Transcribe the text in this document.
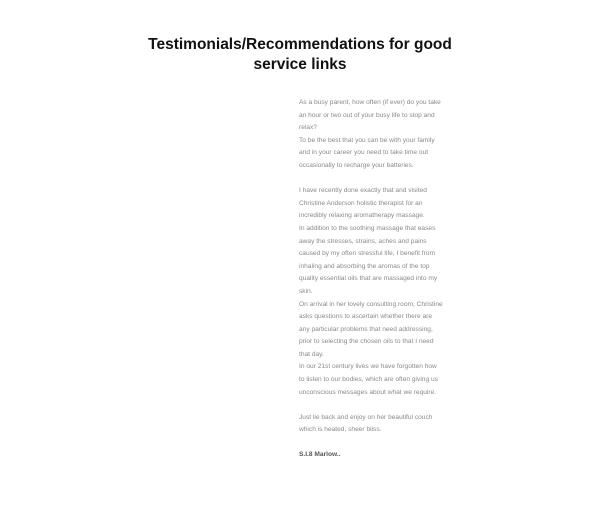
Testimonials/Recommendations for good
service links
As a busy parent, how often (if ever) do you take
an hour or two out of your busy life to stop and
relax?
To be the best that you can be with your family
and in your career you need to take time out
occasionally to recharge your batteries.
I have recently done exactly that and visited
Christine Anderson holistic therapist for an
incredibly relaxing aromatherapy massage.
In addition to the soothing massage that eases
away the stresses, strains, aches and pains
caused by my often stressful life, I benefit from
inhaling and absorbing the aromas of the top
quality essential oils that are massaged into my
skin.
On arrival in her lovely consulting room, Christine
asks questions to ascertain whether there are
any particular problems that need addressing,
prior to selecting the chosen oils to that I need
that day.
In our 21st century lives we have forgotten how
to listen to our bodies, which are often giving us
unconscious messages about what we require.
Just lie back and enjoy on her beautiful couch
which is heated, sheer bliss.
S.I.8 Marlow..
